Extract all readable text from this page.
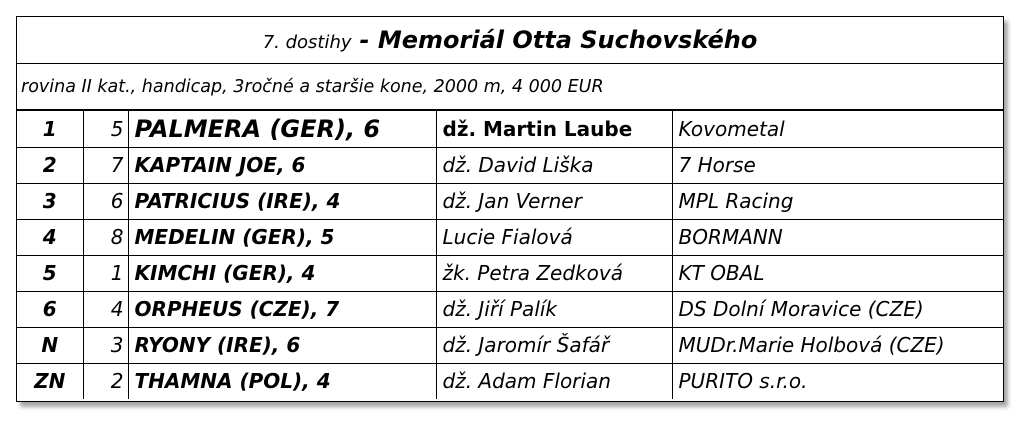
7. dostihy - Memoriál Otta Suchovského
rovina II kat., handicap, 3ročné a staršie kone, 2000 m, 4 000 EUR
1	5	PALMERA (GER), 6	dž. Martin Laube	Kovometal
2	7	KAPTAIN JOE, 6	dž. David Liška	7 Horse
3	6	PATRICIUS (IRE), 4	dž. Jan Verner	MPL Racing
4	8	MEDELIN (GER), 5	Lucie Fialová	BORMANN
5	1	KIMCHI (GER), 4	žk. Petra Zedková	KT OBAL
6	4	ORPHEUS (CZE), 7	dž. Jiří Palík	DS Dolní Moravice (CZE)
N	3	RYONY (IRE), 6	dž. Jaromír Šafář	MUDr.Marie Holbová (CZE)
ZN	2	THAMNA (POL), 4	dž. Adam Florian	PURITO s.r.o.
